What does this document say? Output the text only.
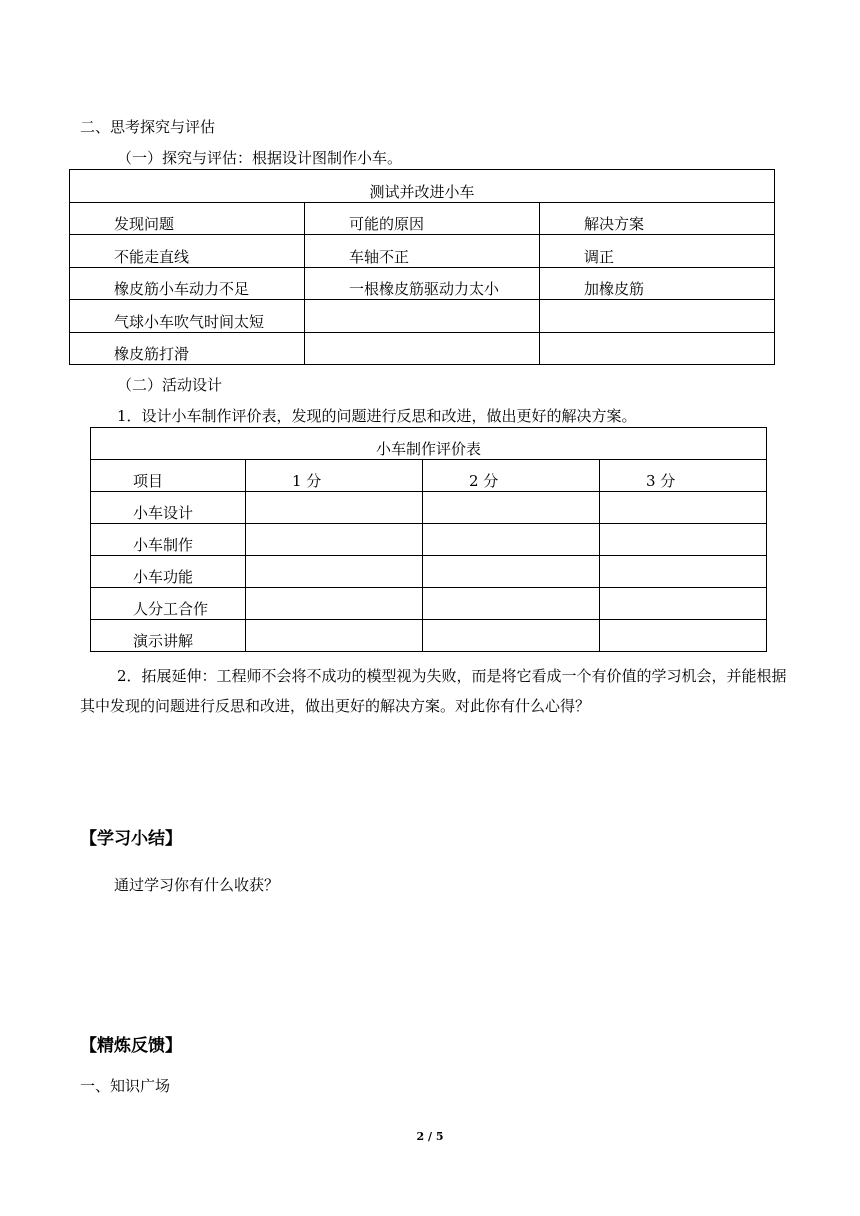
二、思考探究与评估
（一）探究与评估：根据设计图制作小车。
测试并改进小车		
发现问题	可能的原因	解决方案
不能走直线	车轴不正	调正
橡皮筋小车动力不足	一根橡皮筋驱动力太小	加橡皮筋
气球小车吹气时间太短		
橡皮筋打滑		
（二）活动设计
1．设计小车制作评价表，发现的问题进行反思和改进，做出更好的解决方案。
小车制作评价表			
项目	1 分	2 分	3 分
小车设计			
小车制作			
小车功能			
人分工合作			
演示讲解			
2．拓展延伸：工程师不会将不成功的模型视为失败，而是将它看成一个有价值的学习机会，并能根据其中发现的问题进行反思和改进，做出更好的解决方案。对此你有什么心得？
【学习小结】
通过学习你有什么收获？
【精炼反馈】
一、知识广场
2 / 5
